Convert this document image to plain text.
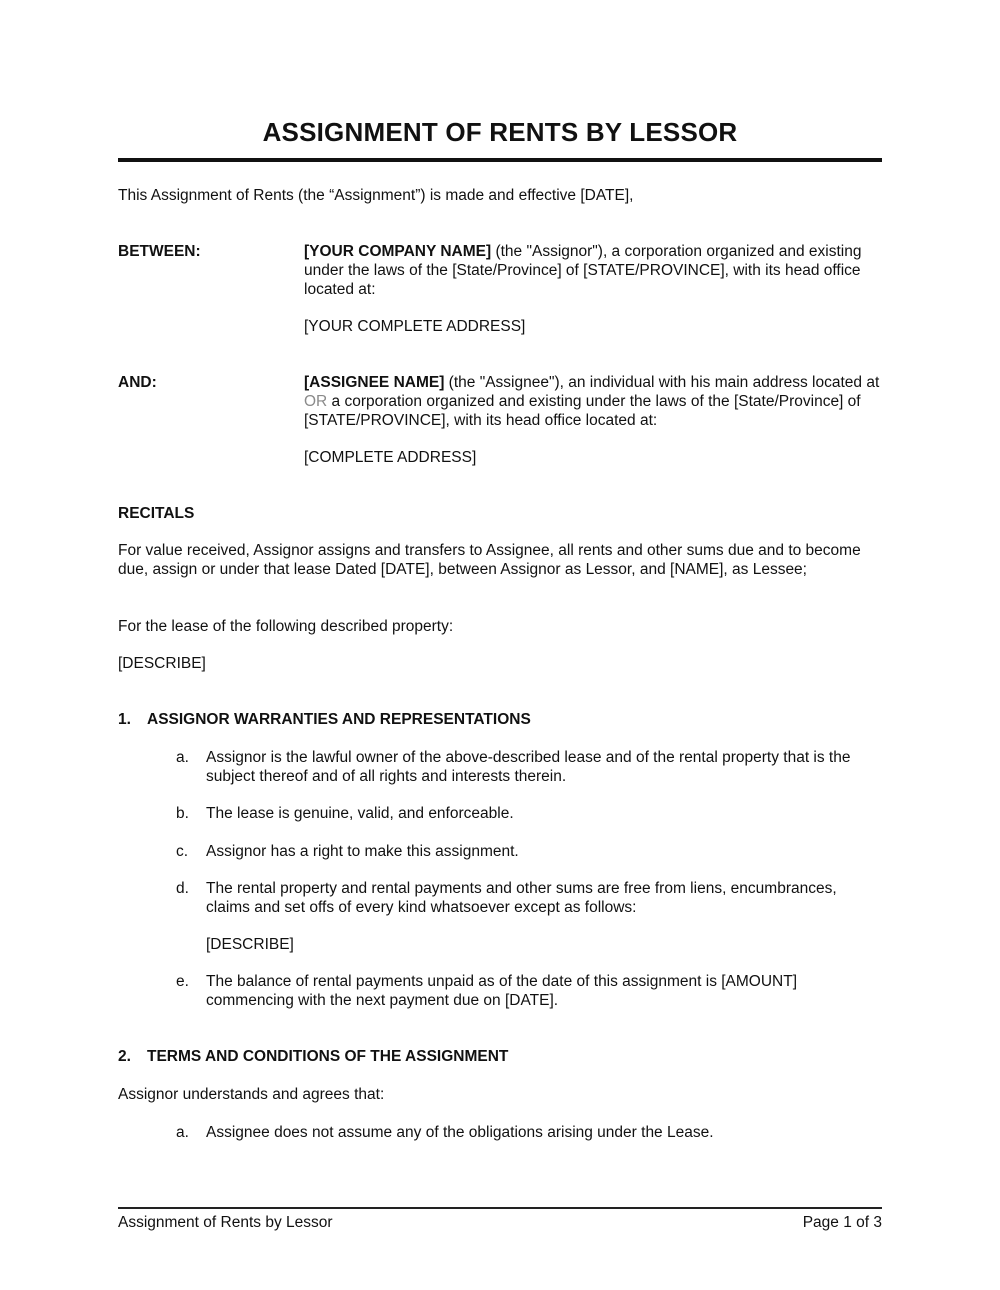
ASSIGNMENT OF RENTS BY LESSOR
This Assignment of Rents (the “Assignment”) is made and effective [DATE],
BETWEEN:	[YOUR COMPANY NAME] (the "Assignor"), a corporation organized and existing under the laws of the [State/Province] of [STATE/PROVINCE], with its head office located at:
[YOUR COMPLETE ADDRESS]
AND:	[ASSIGNEE NAME] (the "Assignee"), an individual with his main address located at OR a corporation organized and existing under the laws of the [State/Province] of [STATE/PROVINCE], with its head office located at:
[COMPLETE ADDRESS]
RECITALS
For value received, Assignor assigns and transfers to Assignee, all rents and other sums due and to become due, assign or under that lease Dated [DATE], between Assignor as Lessor, and [NAME], as Lessee;
For the lease of the following described property:
[DESCRIBE]
1. ASSIGNOR WARRANTIES AND REPRESENTATIONS
a.	Assignor is the lawful owner of the above-described lease and of the rental property that is the subject thereof and of all rights and interests therein.
b.	The lease is genuine, valid, and enforceable.
c.	Assignor has a right to make this assignment.
d.	The rental property and rental payments and other sums are free from liens, encumbrances, claims and set offs of every kind whatsoever except as follows:
[DESCRIBE]
e.	The balance of rental payments unpaid as of the date of this assignment is [AMOUNT] commencing with the next payment due on [DATE].
2. TERMS AND CONDITIONS OF THE ASSIGNMENT
Assignor understands and agrees that:
a.	Assignee does not assume any of the obligations arising under the Lease.
Assignment of Rents by Lessor	Page 1 of 3
